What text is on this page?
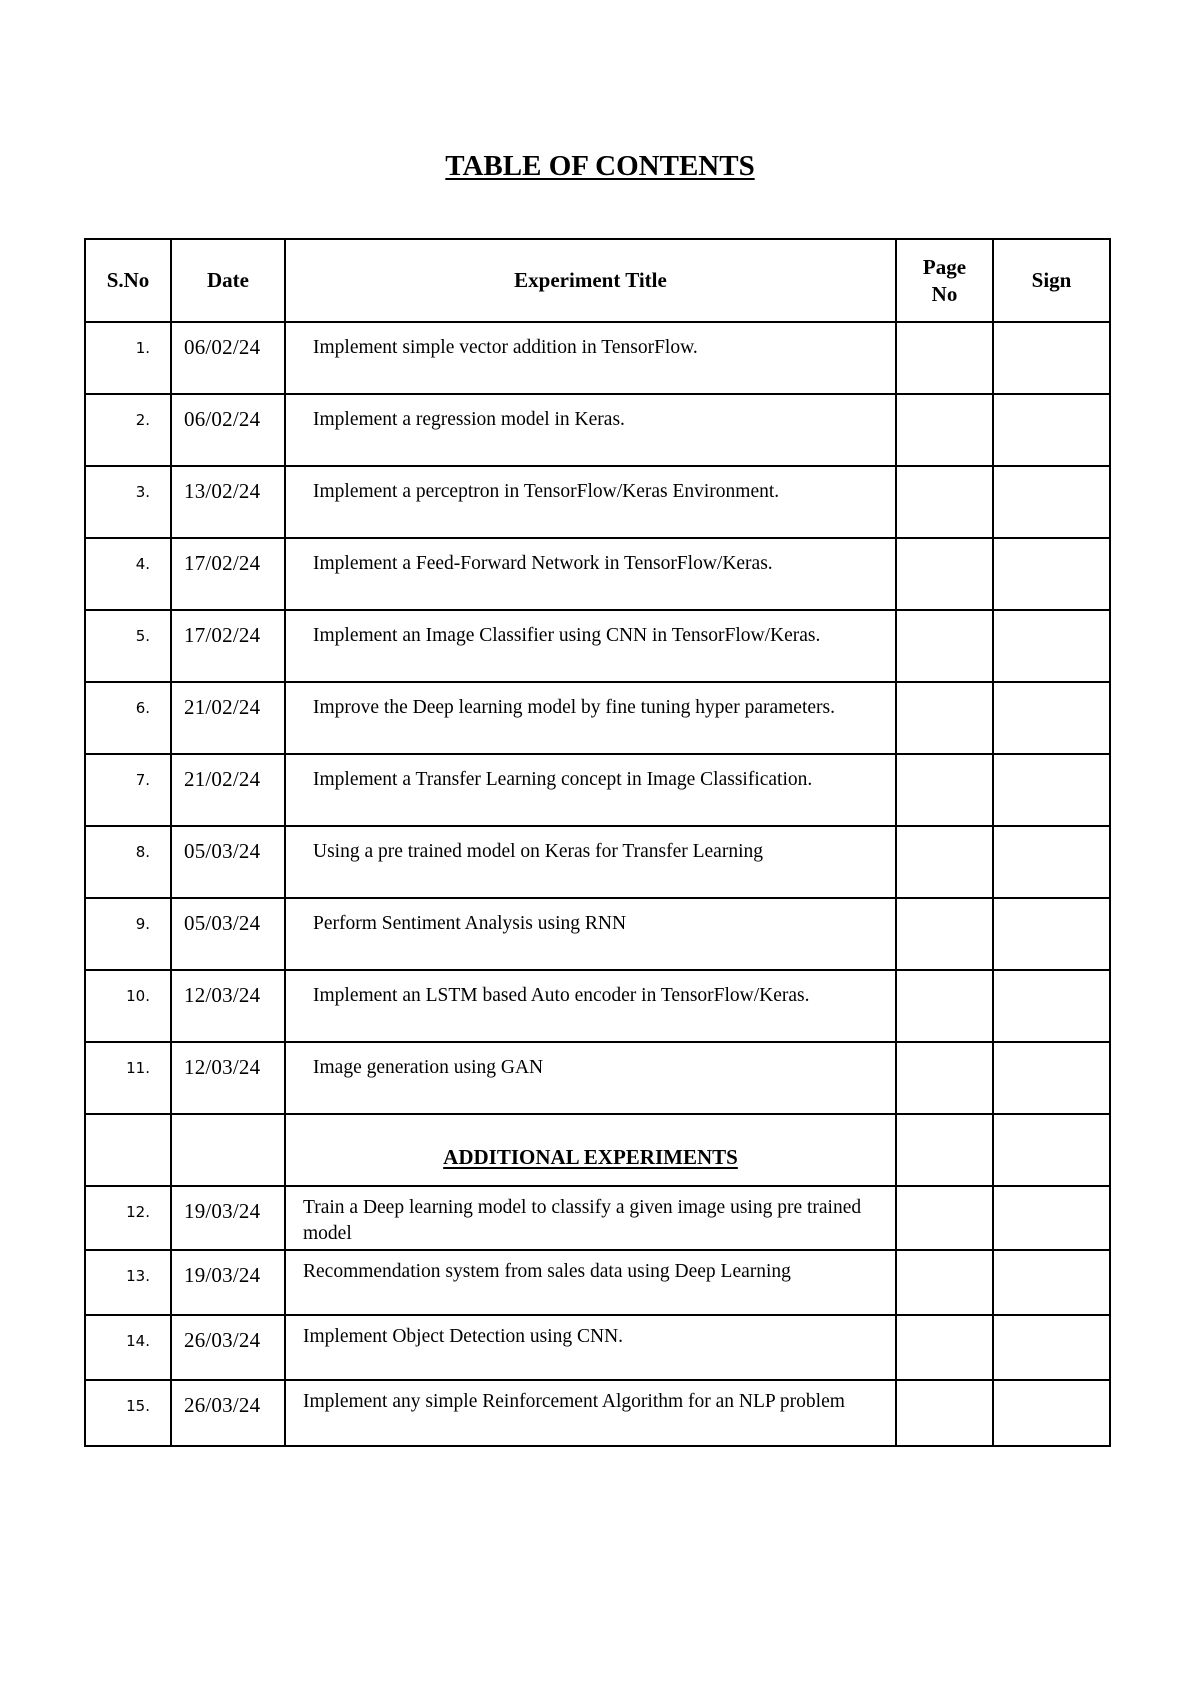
TABLE OF CONTENTS
S.No	Date	Experiment Title	Page No	Sign
1.	06/02/24	Implement simple vector addition in TensorFlow.		
2.	06/02/24	Implement a regression model in Keras.		
3.	13/02/24	Implement a perceptron in TensorFlow/Keras Environment.		
4.	17/02/24	Implement a Feed-Forward Network in TensorFlow/Keras.		
5.	17/02/24	Implement an Image Classifier using CNN in TensorFlow/Keras.		
6.	21/02/24	Improve the Deep learning model by fine tuning hyper parameters.		
7.	21/02/24	Implement a Transfer Learning concept in Image Classification.		
8.	05/03/24	Using a pre trained model on Keras for Transfer Learning		
9.	05/03/24	Perform Sentiment Analysis using RNN		
10.	12/03/24	Implement an LSTM based Auto encoder in TensorFlow/Keras.		
11.	12/03/24	Image generation using GAN		
		ADDITIONAL EXPERIMENTS		
12.	19/03/24	Train a Deep learning model to classify a given image using pre trained model		
13.	19/03/24	Recommendation system from sales data using Deep Learning		
14.	26/03/24	Implement Object Detection using CNN.		
15.	26/03/24	Implement any simple Reinforcement Algorithm for an NLP problem		
